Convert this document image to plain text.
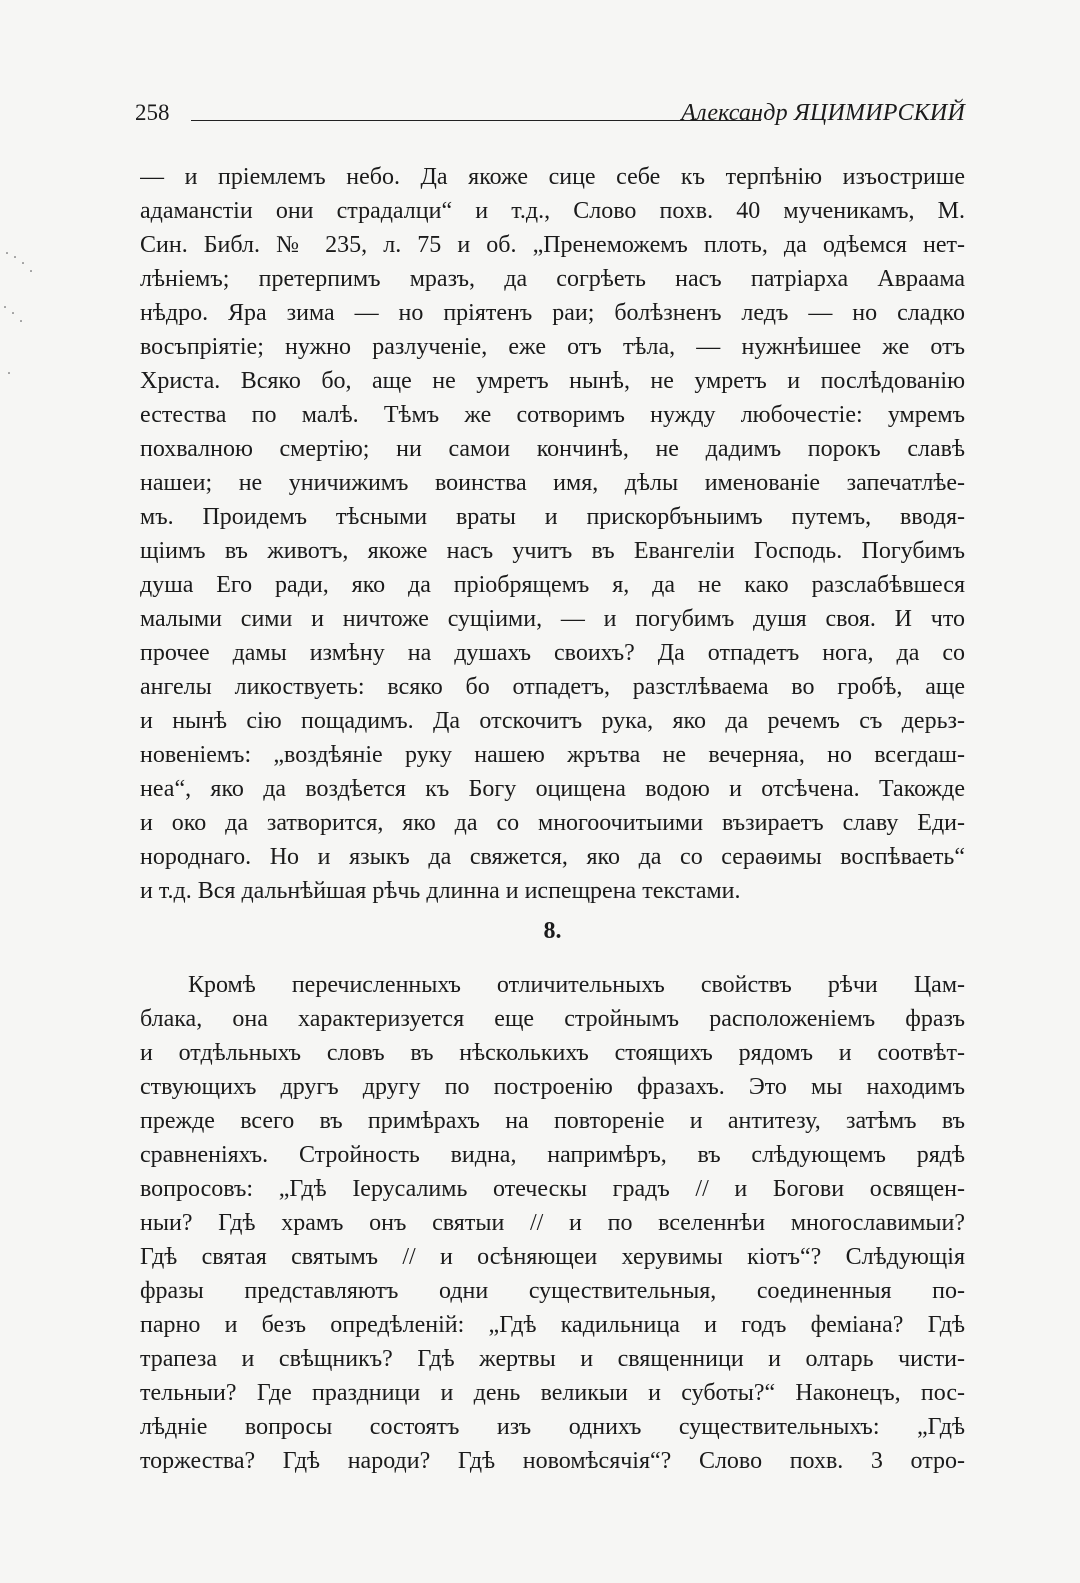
258	Александр ЯЦИМИРСКИЙ
— и пріемлемъ небо. Да якоже сице себе къ терпѣнію изъострише
адаманстіи они страдалци“ и т.д., Слово похв. 40 мученикамъ, М.
Син. Библ. № 235, л. 75 и об. „Пренеможемъ плоть, да одѣемся нет-
лѣніемъ; претерпимъ мразъ, да согрѣеть насъ патріарха Авраама
нѣдро. Яра зима — но пріятенъ раи; болѣзненъ ледъ — но сладко
восъпріятіе; нужно разлученіе, еже отъ тѣла, — нужнѣишее же отъ
Христа. Всяко бо, аще не умретъ нынѣ, не умретъ и послѣдованію
естества по малѣ. Тѣмъ же сотворимъ нужду любочестіе: умремъ
похвалною смертію; ни самои кончинѣ, не дадимъ порокъ славѣ
нашеи; не уничижимъ воинства имя, дѣлы именованіе запечатлѣе-
мъ. Проидемъ тѣсными враты и прискорбъныимъ путемъ, вводя-
щіимъ въ животъ, якоже насъ учитъ въ Евангеліи Господь. Погубимъ
душа Его ради, яко да пріобрящемъ я, да не како разслабѣвшеся
малыми сими и ничтоже сущіими, — и погубимъ душя своя. И что
прочее дамы измѣну на душахъ своихъ? Да отпадетъ нога, да со
ангелы ликоствуеть: всяко бо отпадетъ, разстлѣваема во гробѣ, аще
и нынѣ сію пощадимъ. Да отскочитъ рука, яко да речемъ съ дерьз-
новеніемъ: „воздѣяніе руку нашею жрътва не вечерняа, но всегдаш-
неа“, яко да воздѣется къ Богу оцищена водою и отсѣчена. Такожде
и око да затворится, яко да со многоочитыими възираетъ славу Еди-
нороднаго. Но и языкъ да свяжется, яко да со сераѳимы воспѣваеть“
и т.д. Вся дальнѣйшая рѣчь длинна и испещрена текстами.
8.
Кромѣ перечисленныхъ отличительныхъ свойствъ рѣчи Цам-
блака, она характеризуется еще стройнымъ расположеніемъ фразъ
и отдѣльныхъ словъ въ нѣсколькихъ стоящихъ рядомъ и соотвѣт-
ствующихъ другъ другу по построенію фразахъ. Это мы находимъ
прежде всего въ примѣрахъ на повтореніе и антитезу, затѣмъ въ
сравненіяхъ. Стройность видна, напримѣръ, въ слѣдующемъ рядѣ
вопросовъ: „Гдѣ Іерусалимь отеческы градъ // и Богови освящен-
ныи? Гдѣ храмъ онъ святыи // и по вселеннѣи многославимыи?
Гдѣ святая святымъ // и осѣняющеи херувимы кіотъ“? Слѣдующія
фразы представляютъ одни существительныя, соединенныя по-
парно и безъ опредѣленій: „Гдѣ кадильница и годъ феміана? Гдѣ
трапеза и свѣщникъ? Гдѣ жертвы и священници и олтарь чисти-
тельныи? Где праздници и день великыи и суботы?“ Наконецъ, пос-
лѣдніе вопросы состоятъ изъ однихъ существительныхъ: „Гдѣ
торжества? Гдѣ народи? Гдѣ новомѣсячія“? Слово похв. 3 отро-
